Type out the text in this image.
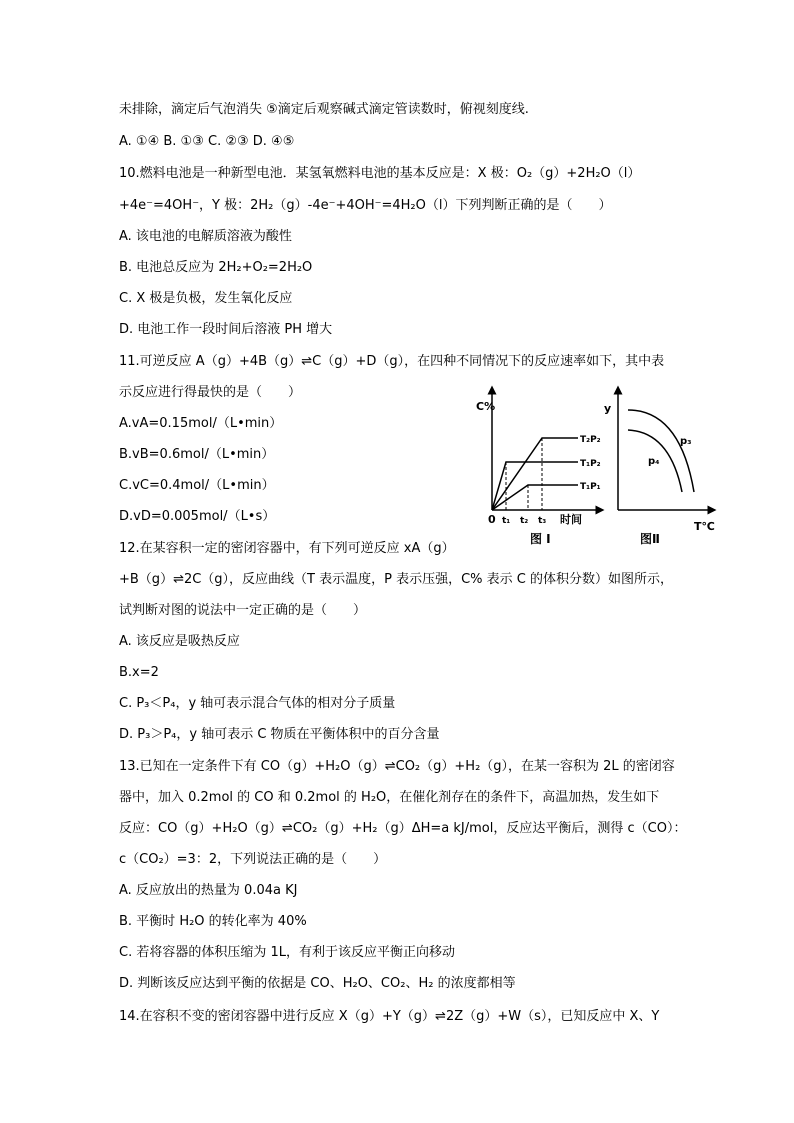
未排除，滴定后气泡消失 ⑤滴定后观察碱式滴定管读数时，俯视刻度线.
A. ①④ B. ①③ C. ②③ D. ④⑤
10.燃料电池是一种新型电池．某氢氧燃料电池的基本反应是：X 极：O₂（g）+2H₂O（l）
+4e⁻=4OH⁻，Y 极：2H₂（g）-4e⁻+4OH⁻=4H₂O（l）下列判断正确的是（　　）
A. 该电池的电解质溶液为酸性
B. 电池总反应为 2H₂+O₂=2H₂O
C. X 极是负极，发生氧化反应
D. 电池工作一段时间后溶液 PH 增大
11.可逆反应 A（g）+4B（g）⇌C（g）+D（g），在四种不同情况下的反应速率如下，其中表
示反应进行得最快的是（　　）
A.vA=0.15mol/（L•min）
B.vB=0.6mol/（L•min）
C.vC=0.4mol/（L•min）
D.vD=0.005mol/（L•s）
12.在某容积一定的密闭容器中，有下列可逆反应 xA（g）
+B（g）⇌2C（g），反应曲线（T 表示温度，P 表示压强，C% 表示 C 的体积分数）如图所示，
试判断对图的说法中一定正确的是（　　）
A. 该反应是吸热反应
B.x=2
C. P₃＜P₄，y 轴可表示混合气体的相对分子质量
D. P₃＞P₄，y 轴可表示 C 物质在平衡体积中的百分含量
13.已知在一定条件下有 CO（g）+H₂O（g）⇌CO₂（g）+H₂（g），在某一容积为 2L 的密闭容
器中，加入 0.2mol 的 CO 和 0.2mol 的 H₂O，在催化剂存在的条件下，高温加热，发生如下
反应：CO（g）+H₂O（g）⇌CO₂（g）+H₂（g）ΔH=a kJ/mol，反应达平衡后，测得 c（CO）：
c（CO₂）=3：2，下列说法正确的是（　　）
A. 反应放出的热量为 0.04a KJ
B. 平衡时 H₂O 的转化率为 40%
C. 若将容器的体积压缩为 1L，有利于该反应平衡正向移动
D. 判断该反应达到平衡的依据是 CO、H₂O、CO₂、H₂ 的浓度都相等
14.在容积不变的密闭容器中进行反应 X（g）+Y（g）⇌2Z（g）+W（s），已知反应中 X、Y
C%
时间
0 t₁ t₂ t₃
T₂P₂
T₁P₂
T₁P₁
图 I
y
T℃
p₃
p₄
图Ⅱ
